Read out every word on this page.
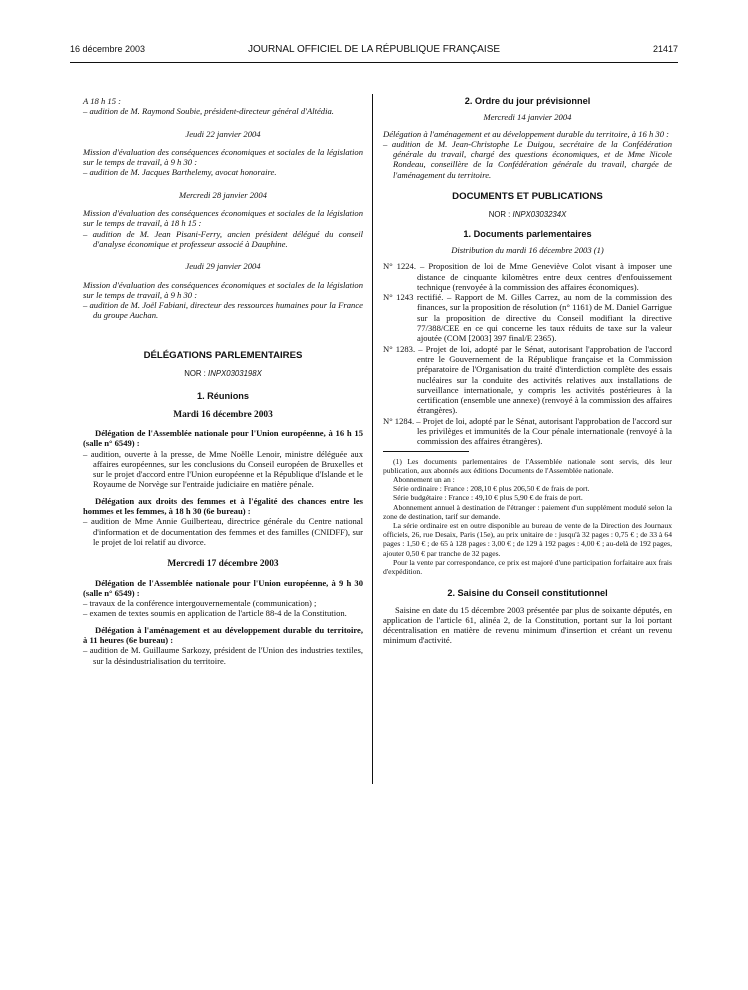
16 décembre 2003	JOURNAL OFFICIEL DE LA RÉPUBLIQUE FRANÇAISE	21417

A 18 h 15 :

– audition de M. Raymond Soubie, président-directeur général d'Altédia.

Jeudi 22 janvier 2004

Mission d'évaluation des conséquences économiques et sociales de la législation sur le temps de travail, à 9 h 30 :

– audition de M. Jacques Barthelemy, avocat honoraire.

Mercredi 28 janvier 2004

Mission d'évaluation des conséquences économiques et sociales de la législation sur le temps de travail, à 18 h 15 :

– audition de M. Jean Pisani-Ferry, ancien président délégué du conseil d'analyse économique et professeur associé à Dauphine.

Jeudi 29 janvier 2004

Mission d'évaluation des conséquences économiques et sociales de la législation sur le temps de travail, à 9 h 30 :

– audition de M. Joël Fabiani, directeur des ressources humaines pour la France du groupe Auchan.

DÉLÉGATIONS PARLEMENTAIRES

NOR : INPX0303198X

1. Réunions

Mardi 16 décembre 2003

Délégation de l'Assemblée nationale pour l'Union européenne, à 16 h 15 (salle n° 6549) :

– audition, ouverte à la presse, de Mme Noëlle Lenoir, ministre déléguée aux affaires européennes, sur les conclusions du Conseil européen de Bruxelles et sur le projet d'accord entre l'Union européenne et la République d'Islande et le Royaume de Norvège sur l'entraide judiciaire en matière pénale.

Délégation aux droits des femmes et à l'égalité des chances entre les hommes et les femmes, à 18 h 30 (6e bureau) :

– audition de Mme Annie Guilberteau, directrice générale du Centre national d'information et de documentation des femmes et des familles (CNIDFF), sur le projet de loi relatif au divorce.

Mercredi 17 décembre 2003

Délégation de l'Assemblée nationale pour l'Union européenne, à 9 h 30 (salle n° 6549) :

– travaux de la conférence intergouvernementale (communication) ;

– examen de textes soumis en application de l'article 88-4 de la Constitution.

Délégation à l'aménagement et au développement durable du territoire, à 11 heures (6e bureau) :

– audition de M. Guillaume Sarkozy, président de l'Union des industries textiles, sur la désindustrialisation du territoire.

2. Ordre du jour prévisionnel

Mercredi 14 janvier 2004

Délégation à l'aménagement et au développement durable du territoire, à 16 h 30 :

– audition de M. Jean-Christophe Le Duigou, secrétaire de la Confédération générale du travail, chargé des questions économiques, et de Mme Nicole Rondeau, conseillère de la Confédération générale du travail, chargée de l'aménagement du territoire.

DOCUMENTS ET PUBLICATIONS

NOR : INPX0303234X

1. Documents parlementaires

Distribution du mardi 16 décembre 2003 (1)

N° 1224. – Proposition de loi de Mme Geneviève Colot visant à imposer une distance de cinquante kilomètres entre deux centres d'enfouissement technique (renvoyée à la commission des affaires économiques).

N° 1243 rectifié. – Rapport de M. Gilles Carrez, au nom de la commission des finances, sur la proposition de résolution (n° 1161) de M. Daniel Garrigue sur la proposition de directive du Conseil modifiant la directive 77/388/CEE en ce qui concerne les taux réduits de taxe sur la valeur ajoutée (COM [2003] 397 final/E 2365).

N° 1283. – Projet de loi, adopté par le Sénat, autorisant l'approbation de l'accord entre le Gouvernement de la République française et la Commission préparatoire de l'Organisation du traité d'interdiction complète des essais nucléaires sur la conduite des activités relatives aux installations de surveillance internationale, y compris les activités postérieures à la certification (ensemble une annexe) (renvoyé à la commission des affaires étrangères).

N° 1284. – Projet de loi, adopté par le Sénat, autorisant l'approbation de l'accord sur les privilèges et immunités de la Cour pénale internationale (renvoyé à la commission des affaires étrangères).

(1) Les documents parlementaires de l'Assemblée nationale sont servis, dès leur publication, aux abonnés aux éditions Documents de l'Assemblée nationale.

Abonnement un an :

Série ordinaire : France : 208,10 € plus 206,50 € de frais de port.

Série budgétaire : France : 49,10 € plus 5,90 € de frais de port.

Abonnement annuel à destination de l'étranger : paiement d'un supplément modulé selon la zone de destination, tarif sur demande.

La série ordinaire est en outre disponible au bureau de vente de la Direction des Journaux officiels, 26, rue Desaix, Paris (15e), au prix unitaire de : jusqu'à 32 pages : 0,75 € ; de 33 à 64 pages : 1,50 € ; de 65 à 128 pages : 3,00 € ; de 129 à 192 pages : 4,00 € ; au-delà de 192 pages, ajouter 0,50 € par tranche de 32 pages.

Pour la vente par correspondance, ce prix est majoré d'une participation forfaitaire aux frais d'expédition.

2. Saisine du Conseil constitutionnel

Saisine en date du 15 décembre 2003 présentée par plus de soixante députés, en application de l'article 61, alinéa 2, de la Constitution, portant sur la loi portant décentralisation en matière de revenu minimum d'insertion et créant un revenu minimum d'activité.
